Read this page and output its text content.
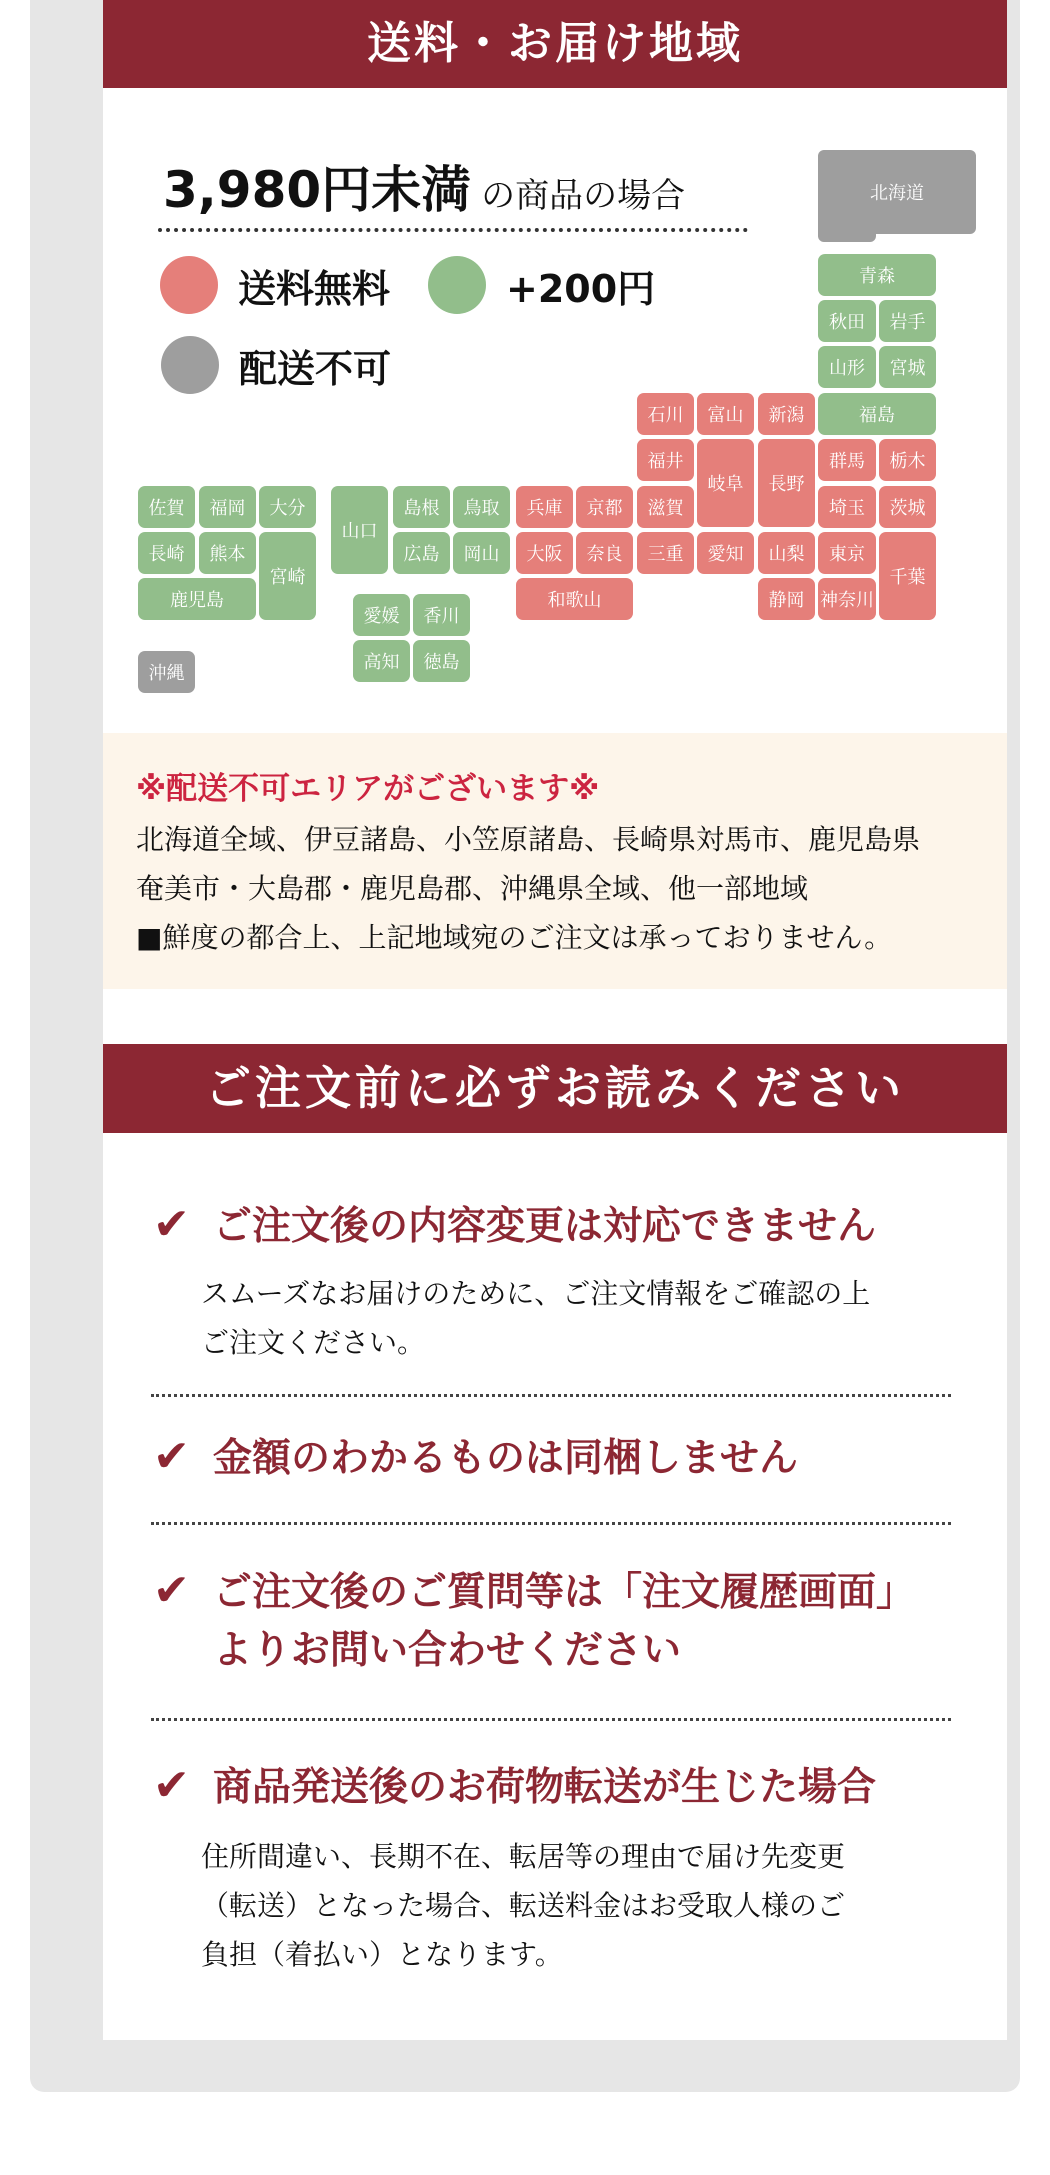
送料・お届け地域
3,980円未満 の商品の場合
送料無料	+200円
配送不可
北海道
青森
秋田	岩手
山形	宮城
福島
石川	富山	新潟
福井
岐阜	長野
群馬	栃木
兵庫	京都	滋賀	埼玉	茨城
大阪	奈良	三重	愛知	山梨	東京
千葉
和歌山	静岡 神奈川
佐賀	福岡	大分
長崎	熊本
宮崎
鹿児島
沖縄
山口
島根	鳥取
広島	岡山
愛媛	香川
高知	徳島
※配送不可エリアがございます※
北海道全域、伊豆諸島、小笠原諸島、長崎県対馬市、鹿児島県
奄美市・大島郡・鹿児島郡、沖縄県全域、他一部地域
■鮮度の都合上、上記地域宛のご注文は承っておりません。
ご注文前に必ずお読みください
✔ ご注文後の内容変更は対応できません
スムーズなお届けのために、ご注文情報をご確認の上
ご注文ください。
✔ 金額のわかるものは同梱しません
✔ ご注文後のご質問等は「注文履歴画面」
よりお問い合わせください
✔ 商品発送後のお荷物転送が生じた場合
住所間違い、長期不在、転居等の理由で届け先変更
（転送）となった場合、転送料金はお受取人様のご
負担（着払い）となります。
